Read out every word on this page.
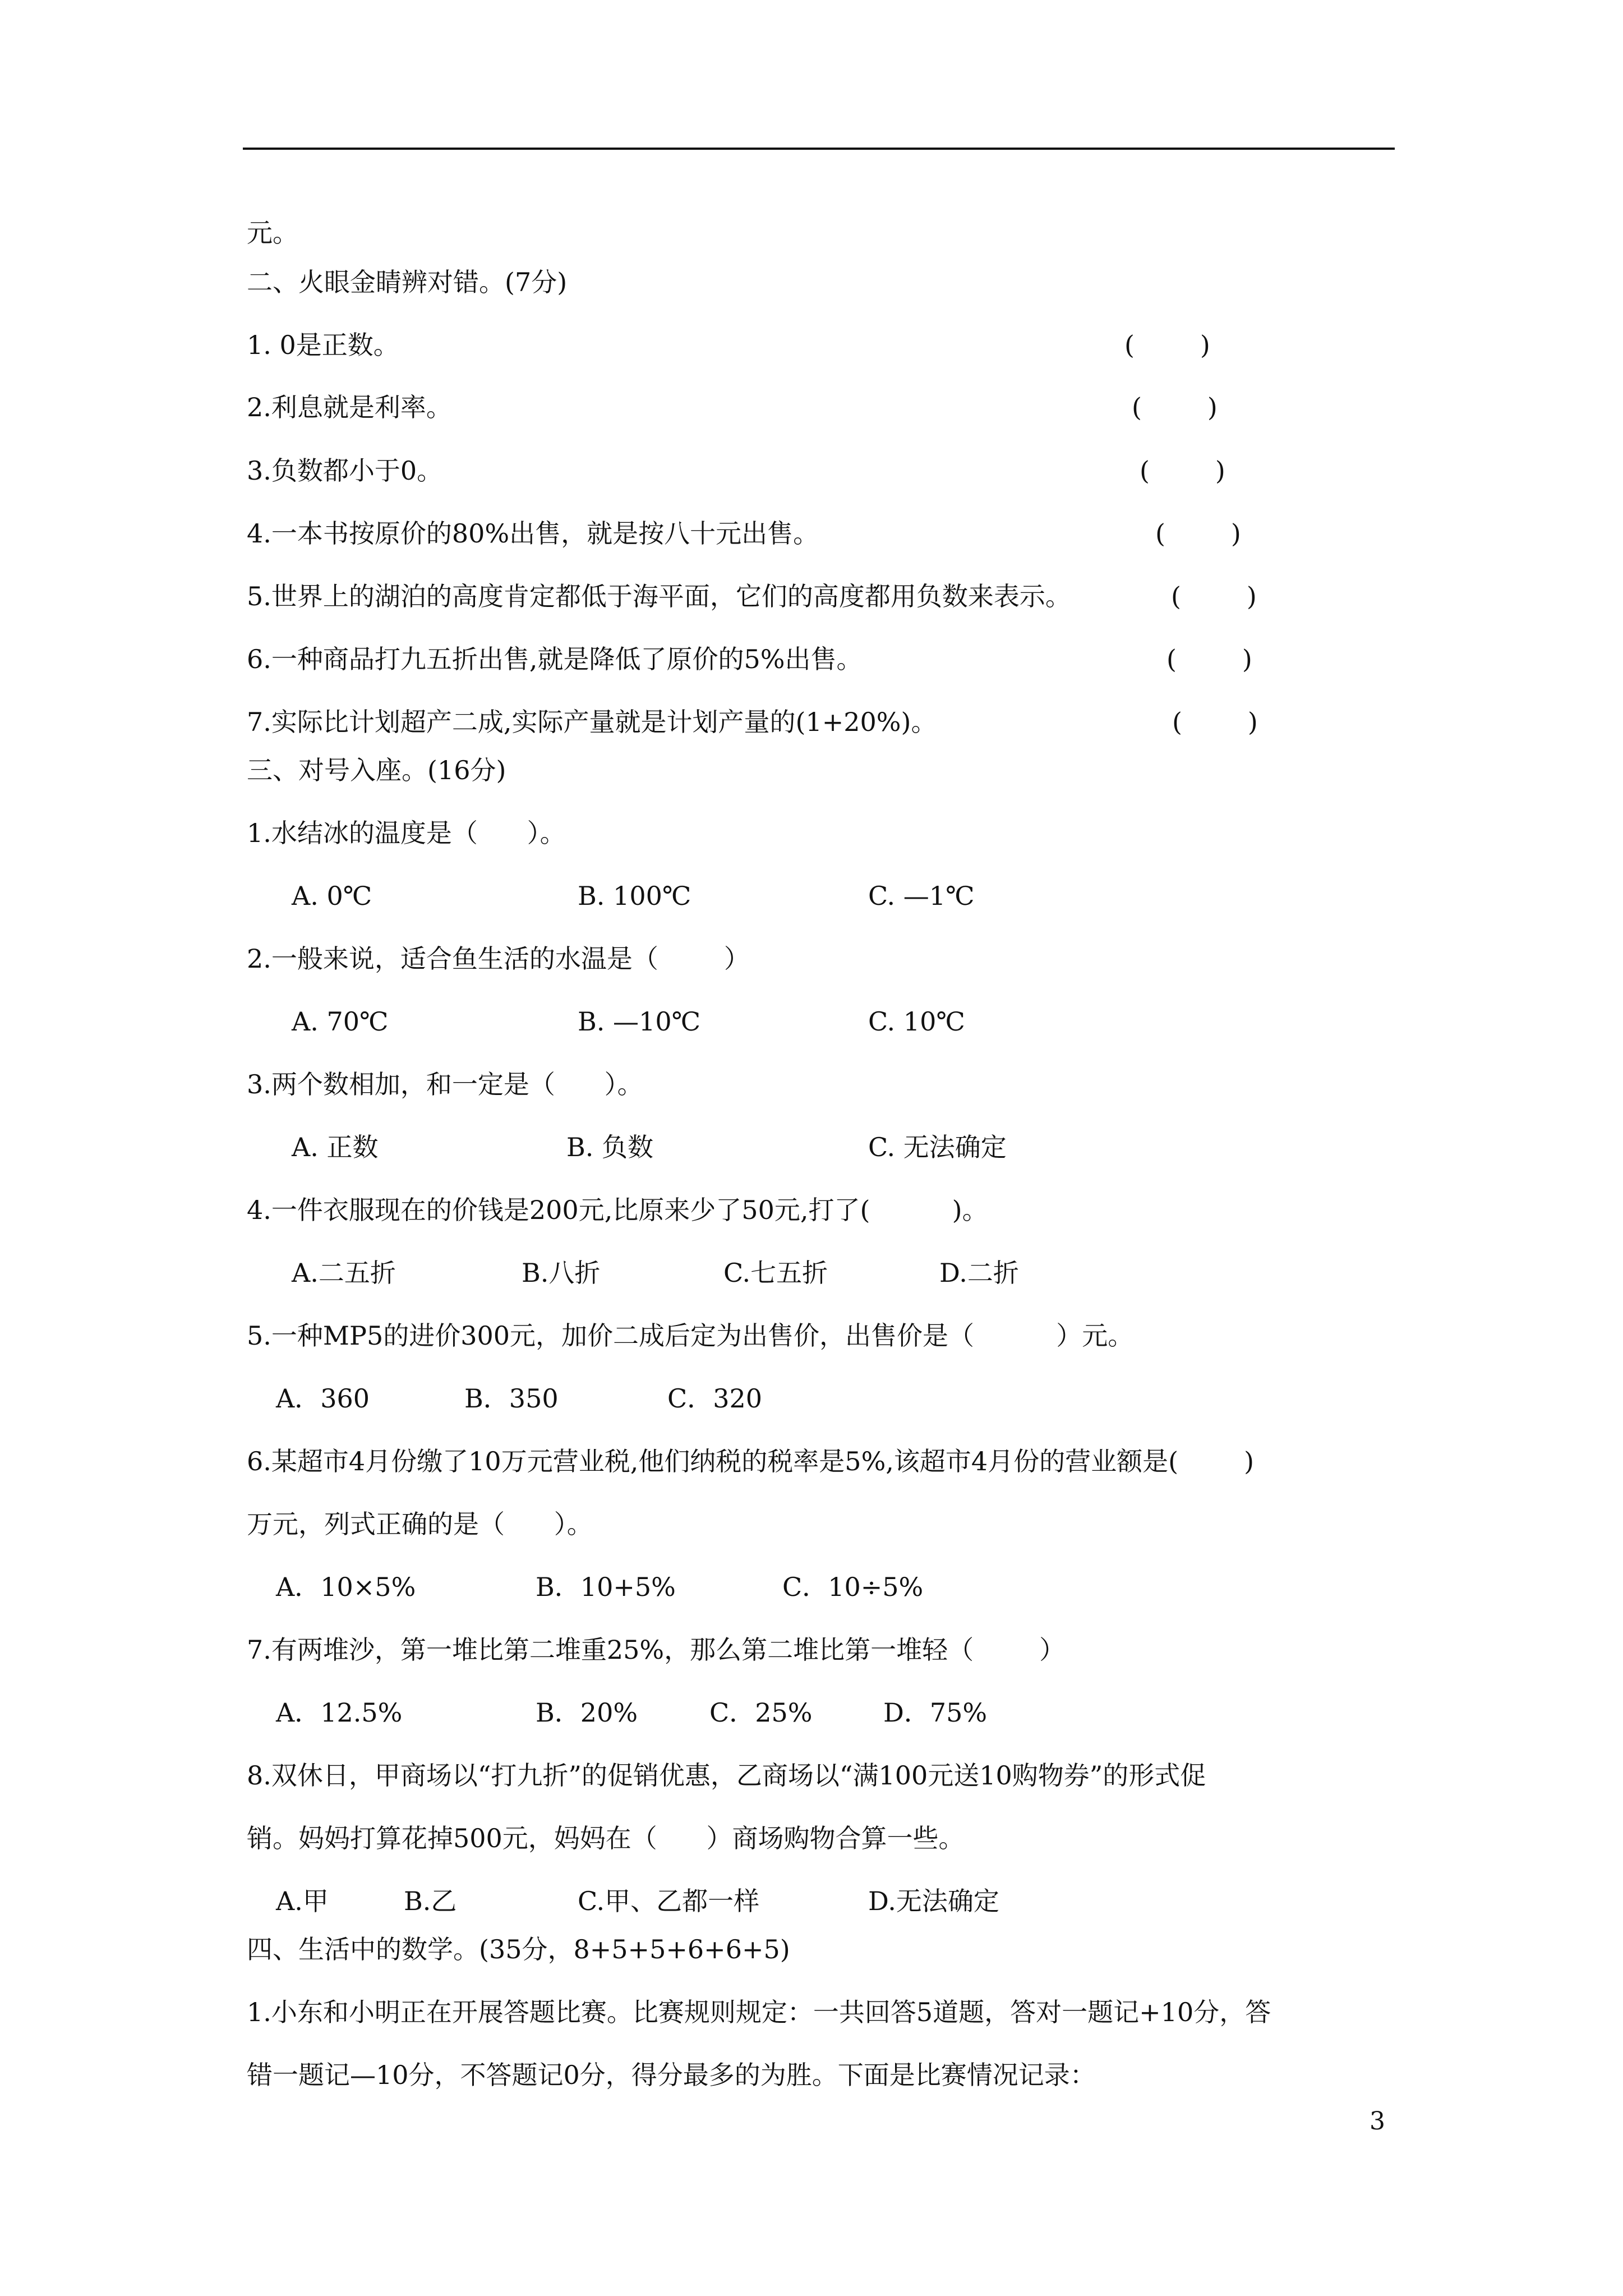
元。
二、火眼金睛辨对错。(7分)
1. 0是正数。	(        )
2.利息就是利率。	(        )
3.负数都小于0。	(        )
4.一本书按原价的80%出售，就是按八十元出售。	(        )
5.世界上的湖泊的高度肯定都低于海平面，它们的高度都用负数来表示。	(        )
6.一种商品打九五折出售,就是降低了原价的5%出售。	(        )
7.实际比计划超产二成,实际产量就是计划产量的(1+20%)。	(        )
三、对号入座。(16分)
1.水结冰的温度是（      ）。
A. 0℃	B. 100℃	C. —1℃
2.一般来说，适合鱼生活的水温是（        ）
A. 70℃	B. —10℃	C. 10℃
3.两个数相加，和一定是（      ）。
A. 正数	B. 负数	C. 无法确定
4.一件衣服现在的价钱是200元,比原来少了50元,打了(          )。
A.二五折	B.八折	C.七五折	D.二折
5.一种MP5的进价300元，加价二成后定为出售价，出售价是（          ）元。
A．360	B．350	C．320
6.某超市4月份缴了10万元营业税,他们纳税的税率是5%,该超市4月份的营业额是(        )
万元，列式正确的是（      ）。
A．10×5%	B．10+5%	C．10÷5%
7.有两堆沙，第一堆比第二堆重25%，那么第二堆比第一堆轻（        ）
A．12.5%	B．20%	C．25%	D．75%
8.双休日，甲商场以“打九折”的促销优惠，乙商场以“满100元送10购物券”的形式促
销。妈妈打算花掉500元，妈妈在（      ）商场购物合算一些。
A.甲	B.乙	C.甲、乙都一样	D.无法确定
四、生活中的数学。(35分，8+5+5+6+6+5)
1.小东和小明正在开展答题比赛。比赛规则规定：一共回答5道题，答对一题记+10分，答
错一题记—10分，不答题记0分，得分最多的为胜。下面是比赛情况记录：
3
